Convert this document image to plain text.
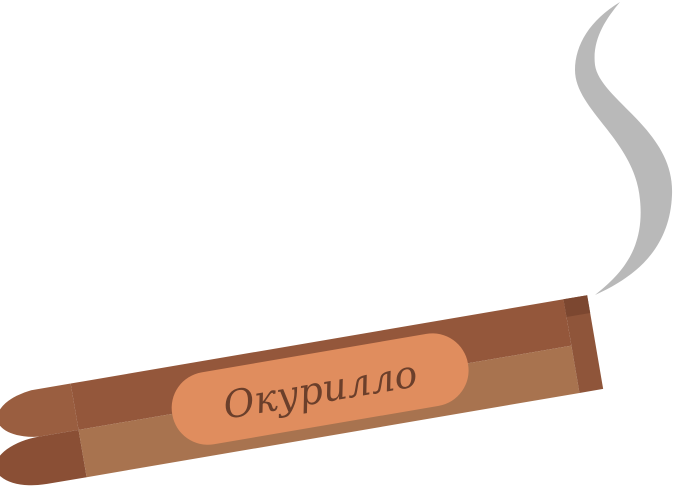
Окурилло
